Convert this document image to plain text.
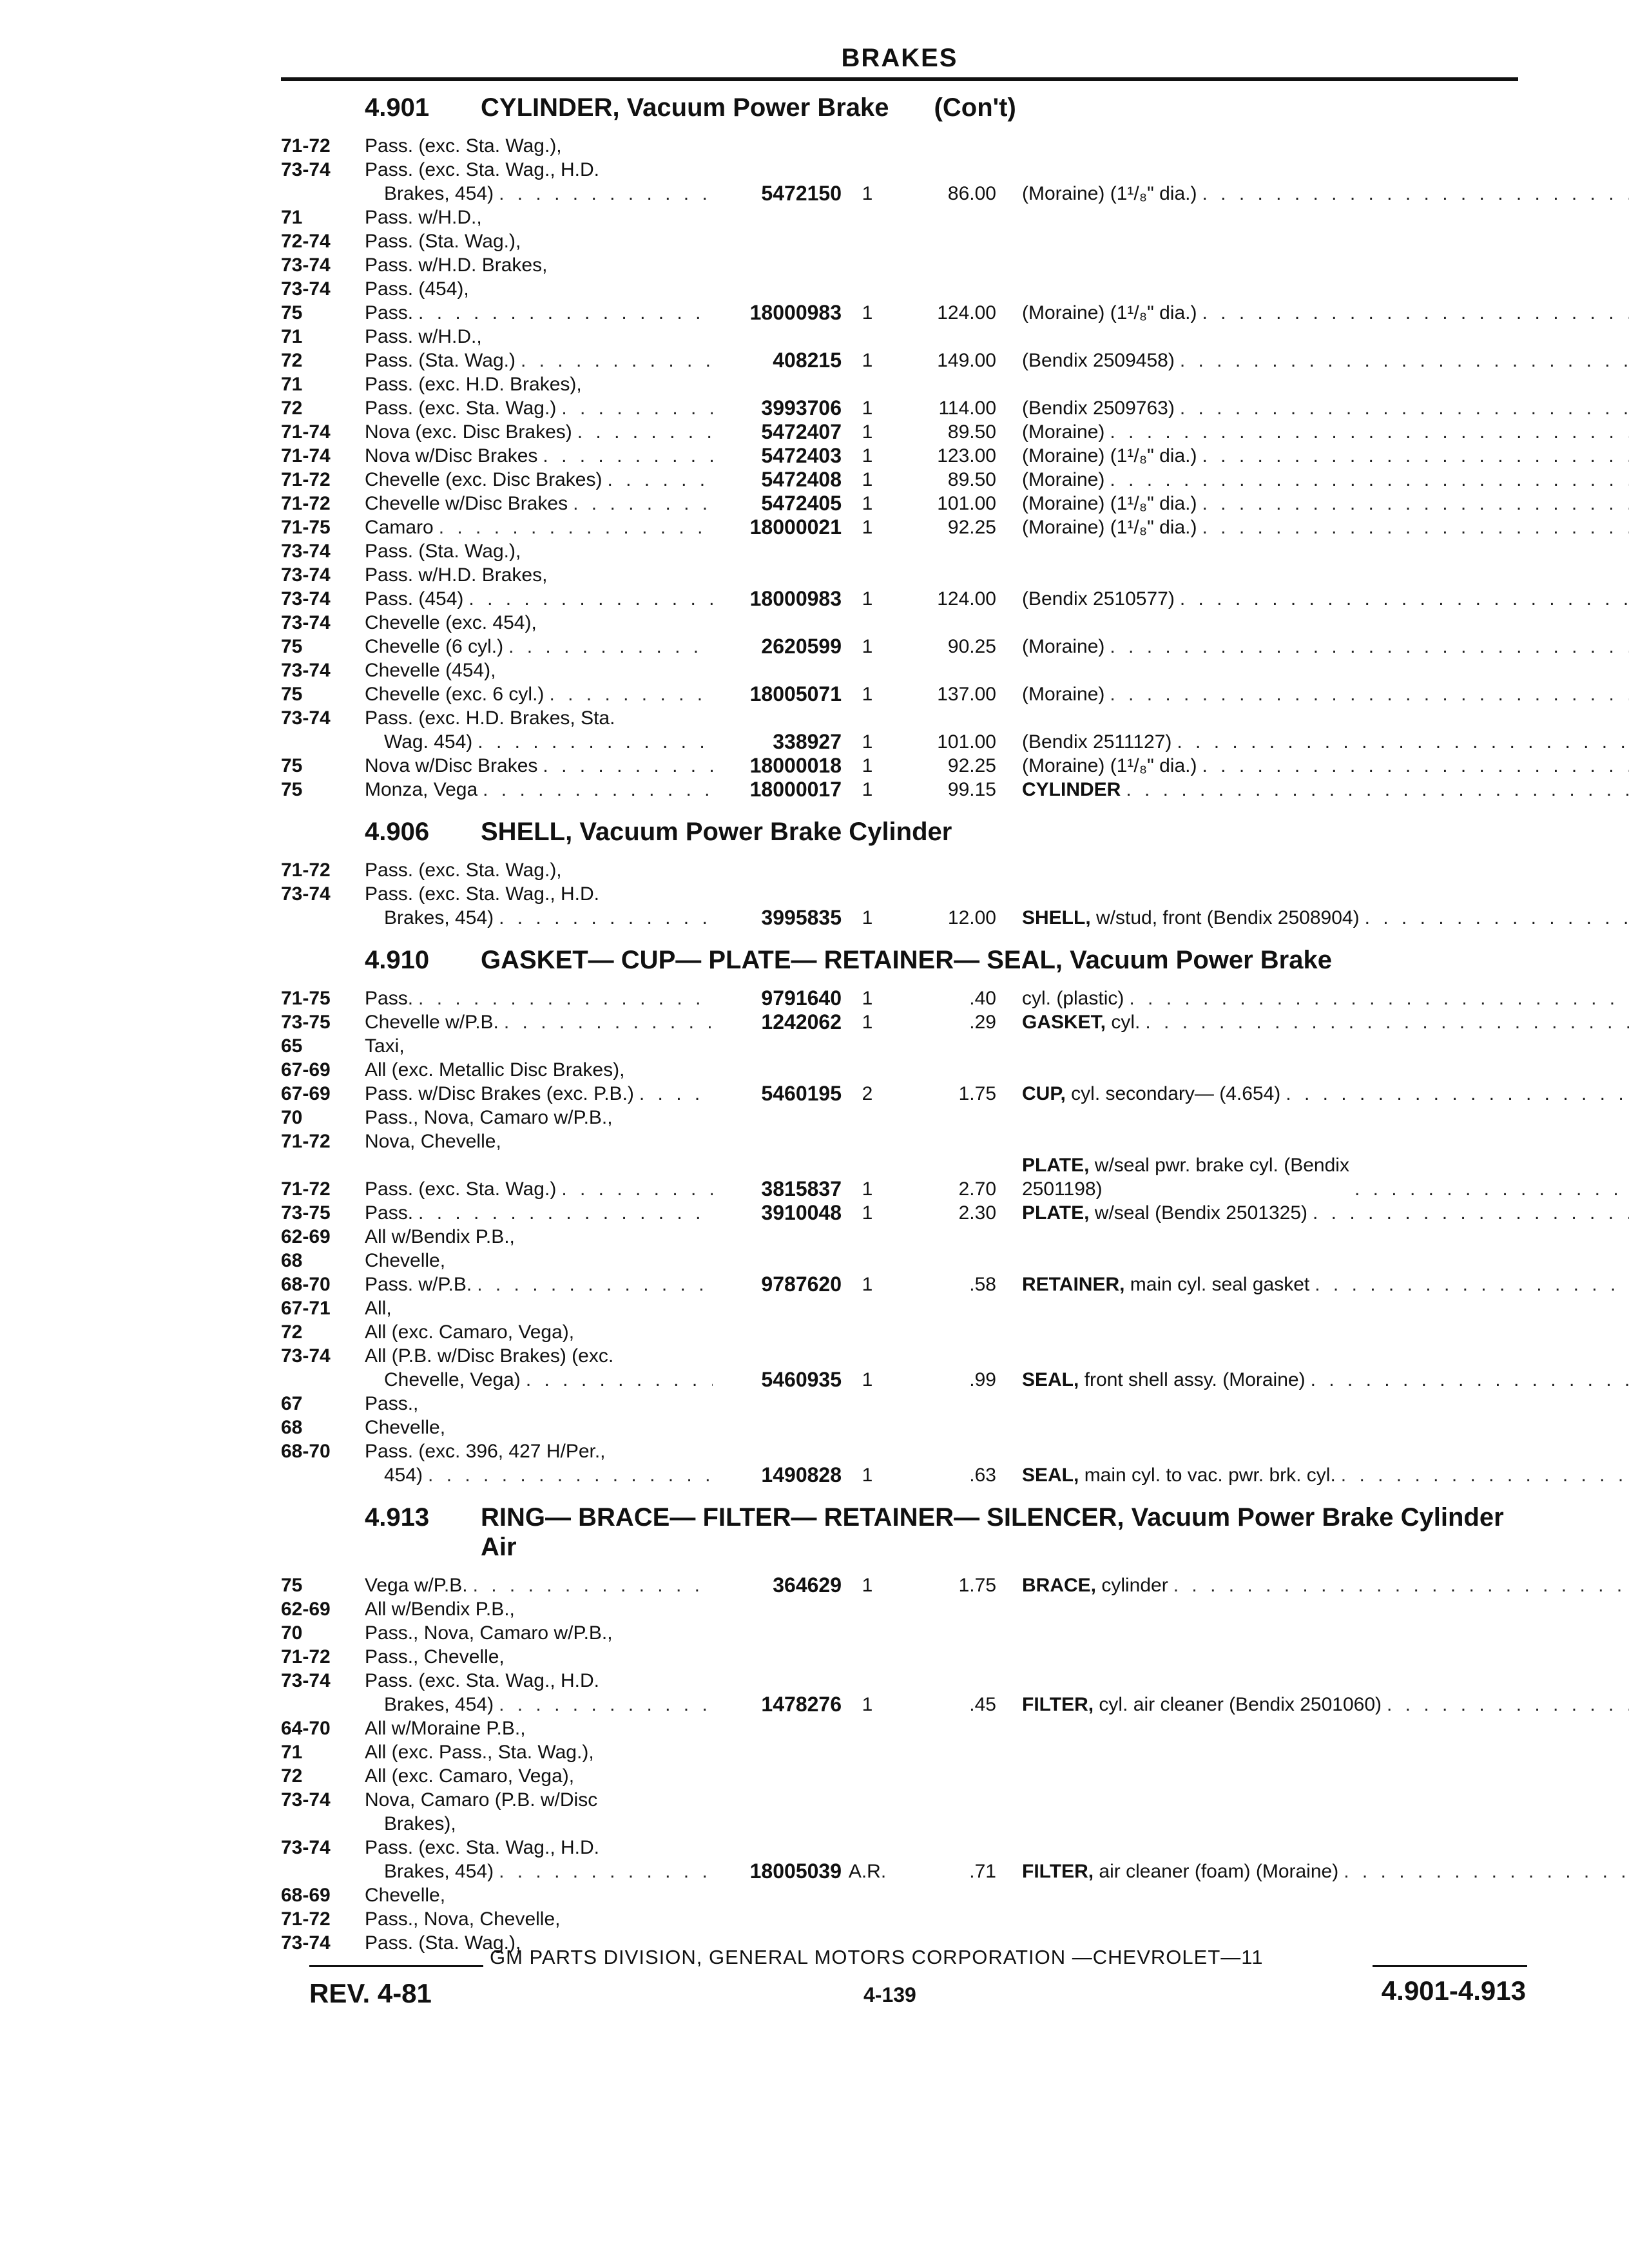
BRAKES
4.901	CYLINDER, Vacuum Power Brake (Con't)
71-72	Pass. (exc. Sta. Wag.),
73-74	Pass. (exc. Sta. Wag., H.D.
Brakes, 454) . . .	5472150	1	86.00	(Moraine) (1¹/₈" dia.)
. . .
71	Pass. w/H.D.,
72-74	Pass. (Sta. Wag.),
73-74	Pass. w/H.D. Brakes,
73-74	Pass. (454),
75	Pass. . . .	18000983	1	124.00	(Moraine) (1¹/₈" dia.)
. . .
71	Pass. w/H.D.,
72	Pass. (Sta. Wag.) . . .	408215	1	149.00	(Bendix 2509458)
. . .
71	Pass. (exc. H.D. Brakes),
72	Pass. (exc. Sta. Wag.) . . .	3993706	1	114.00	(Bendix 2509763)
. . .
71-74	Nova (exc. Disc Brakes) . . .	5472407	1	89.50	(Moraine)
. . .
71-74	Nova w/Disc Brakes . . .	5472403	1	123.00	(Moraine) (1¹/₈" dia.)
. . .
71-72	Chevelle (exc. Disc Brakes) . . .	5472408	1	89.50	(Moraine)
. . .
71-72	Chevelle w/Disc Brakes . . .	5472405	1	101.00	(Moraine) (1¹/₈" dia.)
. . .
71-75	Camaro . . .	18000021	1	92.25	(Moraine) (1¹/₈" dia.)
. . .
73-74	Pass. (Sta. Wag.),
73-74	Pass. w/H.D. Brakes,
73-74	Pass. (454) . . .	18000983	1	124.00	(Bendix 2510577)
. . .
73-74	Chevelle (exc. 454),
75	Chevelle (6 cyl.) . . .	2620599	1	90.25	(Moraine)
. . .
73-74	Chevelle (454),
75	Chevelle (exc. 6 cyl.) . . .	18005071	1	137.00	(Moraine)
. . .
73-74	Pass. (exc. H.D. Brakes, Sta.
Wag. 454) . . .	338927	1	101.00	(Bendix 2511127)
. . .
75	Nova w/Disc Brakes . . .	18000018	1	92.25	(Moraine) (1¹/₈" dia.)
. . .
75	Monza, Vega . . .	18000017	1	99.15	CYLINDER
. . .
4.906	SHELL, Vacuum Power Brake Cylinder
71-72	Pass. (exc. Sta. Wag.),
73-74	Pass. (exc. Sta. Wag., H.D.
Brakes, 454) . . .	3995835	1	12.00	SHELL, w/stud, front (Bendix 2508904)
. . .
4.910	GASKET— CUP— PLATE— RETAINER— SEAL, Vacuum Power Brake
71-75	Pass. . . .	9791640	1	.40	cyl. (plastic)
. . .
73-75	Chevelle w/P.B. . . .	1242062	1	.29	GASKET, cyl.
. . .
65	Taxi,
67-69	All (exc. Metallic Disc Brakes),
67-69	Pass. w/Disc Brakes (exc. P.B.) . . .	5460195	2	1.75	CUP, cyl. secondary— (4.654)
. . .
70	Pass., Nova, Camaro w/P.B.,
71-72	Nova, Chevelle,
71-72	Pass. (exc. Sta. Wag.) . . .	3815837	1	2.70
PLATE, w/seal pwr. brake cyl. (Bendix
2501198)
. . .
73-75	Pass. . . .	3910048	1	2.30	PLATE, w/seal (Bendix 2501325)
. . .
62-69	All w/Bendix P.B.,
68	Chevelle,
68-70	Pass. w/P.B. . . .	9787620	1	.58	RETAINER, main cyl. seal gasket
. . .
67-71	All,
72	All (exc. Camaro, Vega),
73-74	All (P.B. w/Disc Brakes) (exc.
Chevelle, Vega) . . .	5460935	1	.99	SEAL, front shell assy. (Moraine)
. . .
67	Pass.,
68	Chevelle,
68-70	Pass. (exc. 396, 427 H/Per.,
454) . . .	1490828	1	.63	SEAL, main cyl. to vac. pwr. brk. cyl.
. . .
4.913	RING— BRACE— FILTER— RETAINER— SILENCER, Vacuum Power Brake Cylinder Air
75	Vega w/P.B. . . .	364629	1	1.75	BRACE, cylinder
. . .
62-69	All w/Bendix P.B.,
70	Pass., Nova, Camaro w/P.B.,
71-72	Pass., Chevelle,
73-74	Pass. (exc. Sta. Wag., H.D.
Brakes, 454) . . .	1478276	1	.45	FILTER, cyl. air cleaner (Bendix 2501060)
. . .
64-70	All w/Moraine P.B.,
71	All (exc. Pass., Sta. Wag.),
72	All (exc. Camaro, Vega),
73-74	Nova, Camaro (P.B. w/Disc
Brakes),
73-74	Pass. (exc. Sta. Wag., H.D.
Brakes, 454) . . .	18005039 A.R.	.71	FILTER, air cleaner (foam) (Moraine)
. . .
68-69	Chevelle,
71-72	Pass., Nova, Chevelle,
73-74	Pass. (Sta. Wag.),
GM PARTS DIVISION, GENERAL MOTORS CORPORATION —CHEVROLET—11
REV. 4-81	4-139	4.901-4.913
